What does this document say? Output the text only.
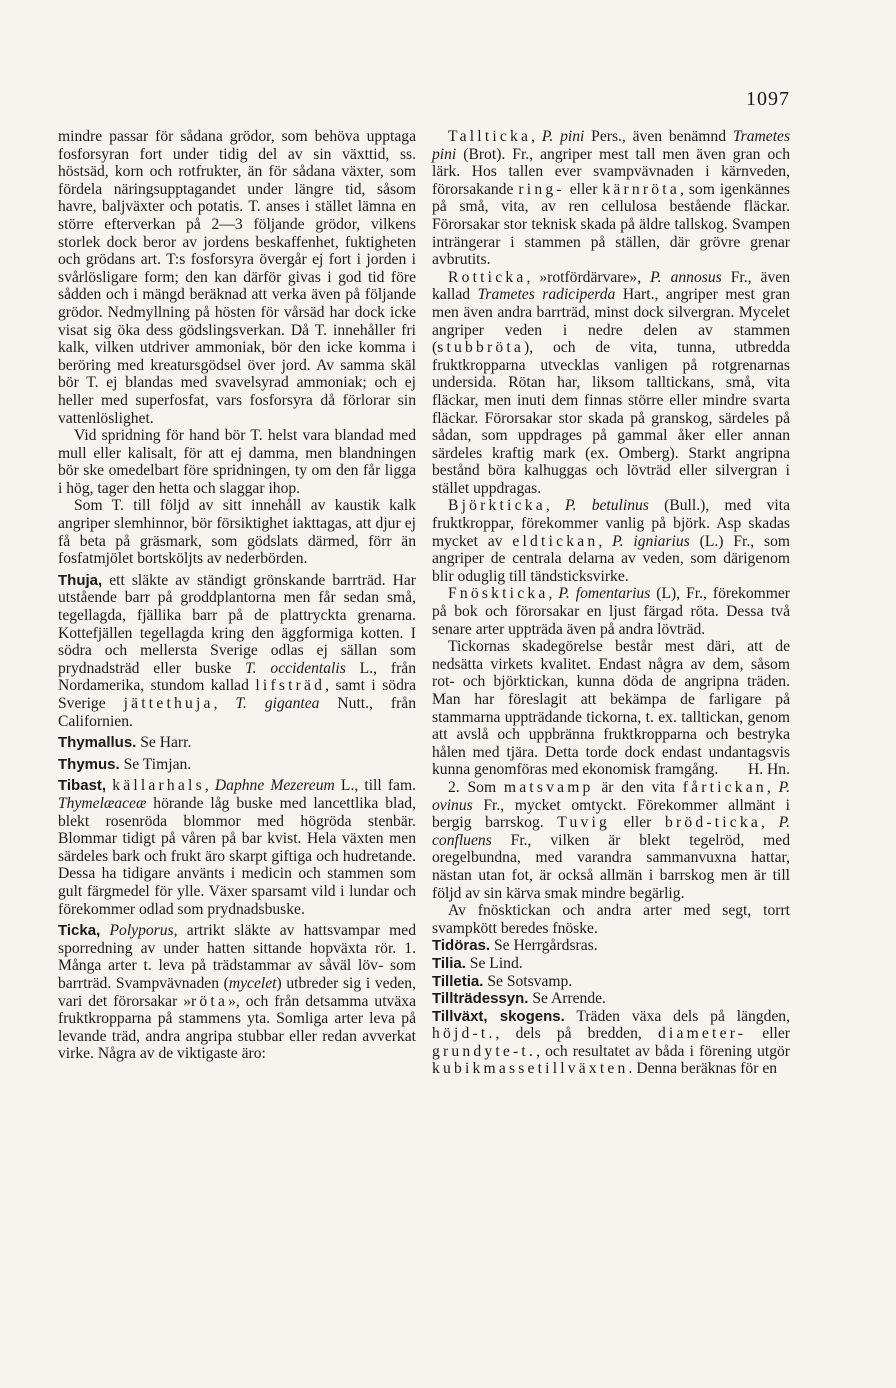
1097

mindre passar för sådana grödor, som behöva upptaga fosforsyran fort under tidig del av sin växttid, ss. höstsäd, korn och rotfrukter, än för sådana växter, som fördela näringsupptagandet under längre tid, såsom havre, baljväxter och potatis. T. anses i stället lämna en större efterverkan på 2—3 följande grödor, vilkens storlek dock beror av jordens beskaffenhet, fuktigheten och grödans art. T:s fosforsyra övergår ej fort i jorden i svårlösligare form; den kan därför givas i god tid före sådden och i mängd beräknad att verka även på följande grödor. Nedmyllning på hösten för vårsäd har dock icke visat sig öka dess gödslingsverkan. Då T. innehåller fri kalk, vilken utdriver ammoniak, bör den icke komma i beröring med kreatursgödsel över jord. Av samma skäl bör T. ej blandas med svavelsyrad ammoniak; och ej heller med superfosfat, vars fosforsyra då förlorar sin vattenlöslighet.

Vid spridning för hand bör T. helst vara blandad med mull eller kalisalt, för att ej damma, men blandningen bör ske omedelbart före spridningen, ty om den får ligga i hög, tager den hetta och slaggar ihop.

Som T. till följd av sitt innehåll av kaustik kalk angriper slemhinnor, bör försiktighet iakttagas, att djur ej få beta på gräsmark, som gödslats därmed, förr än fosfatmjölet bortsköljts av nederbörden.

Thuja, ett släkte av ständigt grönskande barrträd. Har utstående barr på groddplantorna men får sedan små, tegellagda, fjällika barr på de plattryckta grenarna. Kottefjällen tegellagda kring den äggformiga kotten. I södra och mellersta Sverige odlas ej sällan som prydnadsträd eller buske T. occidentalis L., från Nordamerika, stundom kallad lifsträd, samt i södra Sverige jättethuja, T. gigantea Nutt., från Californien.

Thymallus. Se Harr.

Thymus. Se Timjan.

Tibast, källarhals, Daphne Mezereum L., till fam. Thymelæaceæ hörande låg buske med lancettlika blad, blekt rosenröda blommor med högröda stenbär. Blommar tidigt på våren på bar kvist. Hela växten men särdeles bark och frukt äro skarpt giftiga och hudretande. Dessa ha tidigare använts i medicin och stammen som gult färgmedel för ylle. Växer sparsamt vild i lundar och förekommer odlad som prydnadsbuske.

Ticka, Polyporus, artrikt släkte av hattsvampar med sporredning av under hatten sittande hopväxta rör. 1. Många arter t. leva på trädstammar av såväl löv- som barrträd. Svampvävnaden (mycelet) utbreder sig i veden, vari det förorsakar »röta», och från detsamma utväxa fruktkropparna på stammens yta. Somliga arter leva på levande träd, andra angripa stubbar eller redan avverkat virke. Några av de viktigaste äro:

Tallticka, P. pini Pers., även benämnd Trametes pini (Brot). Fr., angriper mest tall men även gran och lärk. Hos tallen ever svampvävnaden i kärnveden, förorsakande ring- eller kärnröta, som igenkännes på små, vita, av ren cellulosa bestående fläckar. Förorsakar stor teknisk skada på äldre tallskog. Svampen inträngerar i stammen på ställen, där grövre grenar avbrutits.

Rotticka, »rotfördärvare», P. annosus Fr., även kallad Trametes radiciperda Hart., angriper mest gran men även andra barrträd, minst dock silvergran. Mycelet angriper veden i nedre delen av stammen (stubbröta), och de vita, tunna, utbredda fruktkropparna utvecklas vanligen på rotgrenarnas undersida. Rötan har, liksom talltickans, små, vita fläckar, men inuti dem finnas större eller mindre svarta fläckar. Förorsakar stor skada på granskog, särdeles på sådan, som uppdrages på gammal åker eller annan särdeles kraftig mark (ex. Omberg). Starkt angripna bestånd böra kalhuggas och lövträd eller silvergran i stället uppdragas.

Björkticka, P. betulinus (Bull.), med vita fruktkroppar, förekommer vanlig på björk. Asp skadas mycket av eldtickan, P. igniarius (L.) Fr., som angriper de centrala delarna av veden, som därigenom blir oduglig till tändsticksvirke.

Fnöskticka, P. fomentarius (L), Fr., förekommer på bok och förorsakar en ljust färgad röta. Dessa två senare arter uppträda även på andra lövträd.

Tickornas skadegörelse består mest däri, att de nedsätta virkets kvalitet. Endast några av dem, såsom rot- och björktickan, kunna döda de angripna träden. Man har föreslagit att bekämpa de farligare på stammarna uppträdande tickorna, t. ex. talltickan, genom att avslå och uppbränna fruktkropparna och bestryka hålen med tjära. Detta torde dock endast undantagsvis kunna genomföras med ekonomisk framgång.	H. Hn.

2. Som matsvamp är den vita fårtickan, P. ovinus Fr., mycket omtyckt. Förekommer allmänt i bergig barrskog. Tuvig eller bröd-ticka, P. confluens Fr., vilken är blekt tegelröd, med oregelbundna, med varandra sammanvuxna hattar, nästan utan fot, är också allmän i barrskog men är till följd av sin kärva smak mindre begärlig.

Av fnösktickan och andra arter med segt, torrt svampkött beredes fnöske.

Tidöras. Se Herrgårdsras.

Tilia. Se Lind.

Tilletia. Se Sotsvamp.

Tillträdessyn. Se Arrende.

Tillväxt, skogens. Träden växa dels på längden, höjd-t., dels på bredden, diameter- eller grundyte-t., och resultatet av båda i förening utgör kubikmassetillväxten. Denna beräknas för en
